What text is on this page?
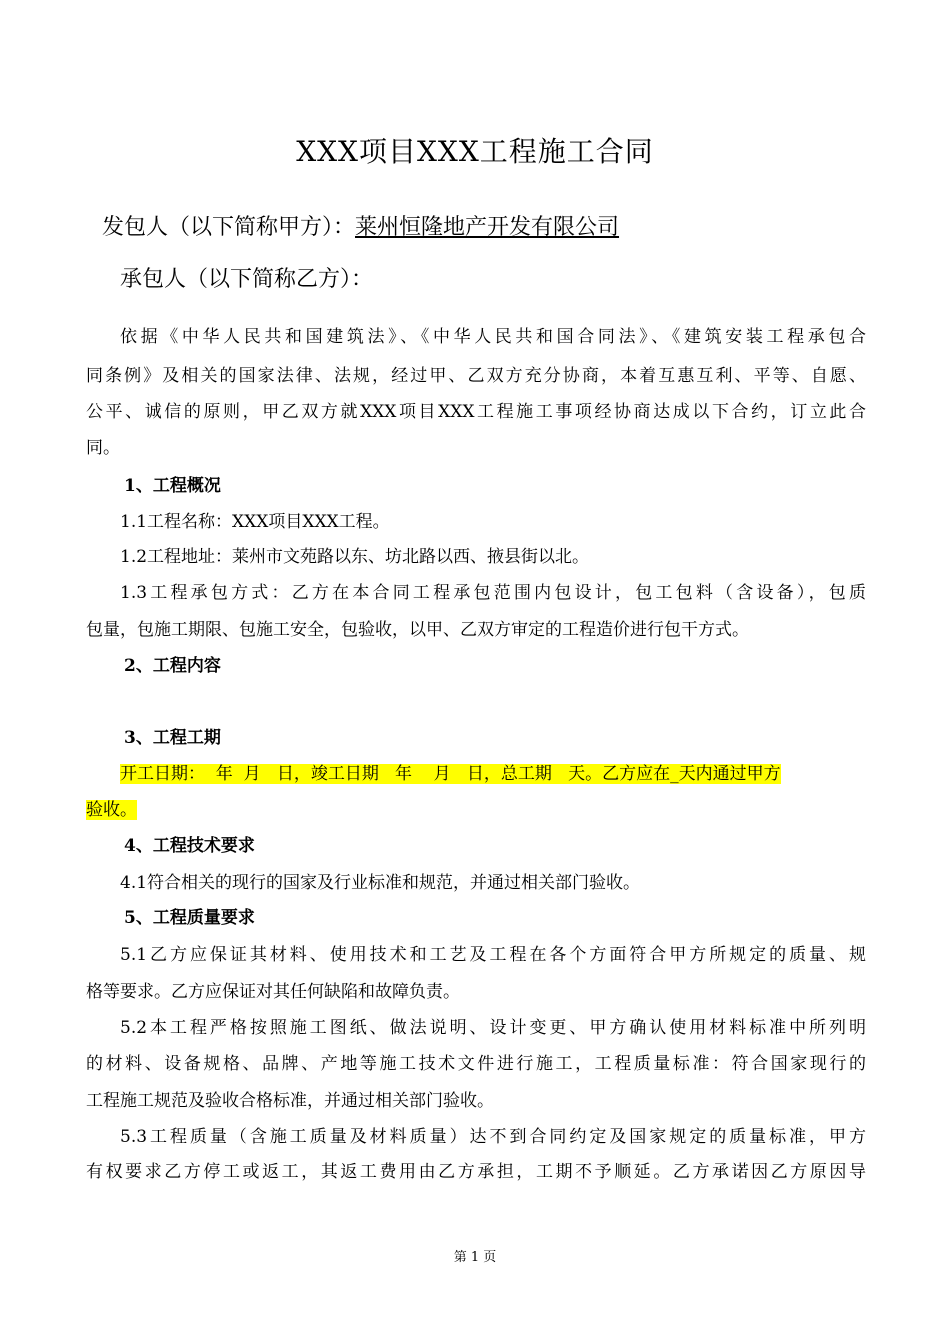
XXX项目XXX工程施工合同
发包人（以下简称甲方）：莱州恒隆地产开发有限公司
承包人（以下简称乙方）：
依据《中华人民共和国建筑法》、《中华人民共和国合同法》、《建筑安装工程承包合
同条例》及相关的国家法律、法规，经过甲、乙双方充分协商，本着互惠互利、平等、自愿、
公平、诚信的原则，甲乙双方就XXX项目XXX工程施工事项经协商达成以下合约，订立此合
同。
1、工程概况
1.1工程名称：XXX项目XXX工程。
1.2工程地址：莱州市文苑路以东、坊北路以西、掖县街以北。
1.3工程承包方式：乙方在本合同工程承包范围内包设计，包工包料（含设备），包质
包量，包施工期限、包施工安全，包验收，以甲、乙双方审定的工程造价进行包干方式。
2、工程内容
3、工程工期
开工日期：  年  月   日，竣工日期   年    月   日，总工期   天。乙方应在_天内通过甲方
验收。
4、工程技术要求
4.1符合相关的现行的国家及行业标准和规范，并通过相关部门验收。
5、工程质量要求
5.1乙方应保证其材料、使用技术和工艺及工程在各个方面符合甲方所规定的质量、规
格等要求。乙方应保证对其任何缺陷和故障负责。
5.2本工程严格按照施工图纸、做法说明、设计变更、甲方确认使用材料标准中所列明
的材料、设备规格、品牌、产地等施工技术文件进行施工，工程质量标准：符合国家现行的
工程施工规范及验收合格标准，并通过相关部门验收。
5.3工程质量（含施工质量及材料质量）达不到合同约定及国家规定的质量标准，甲方
有权要求乙方停工或返工，其返工费用由乙方承担，工期不予顺延。乙方承诺因乙方原因导
第 1 页
